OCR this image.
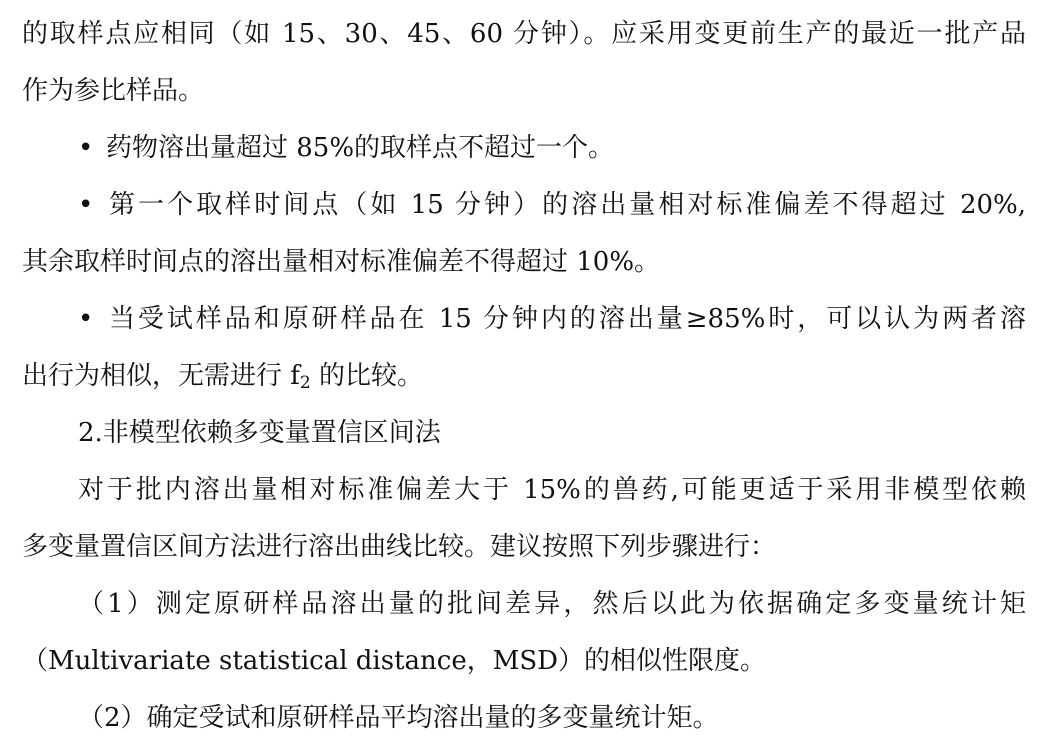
的取样点应相同（如 15、30、45、60 分钟）。应采用变更前生产的最近一批产品
作为参比样品。
• 药物溶出量超过 85%的取样点不超过一个。
• 第一个取样时间点（如 15 分钟）的溶出量相对标准偏差不得超过 20%,
其余取样时间点的溶出量相对标准偏差不得超过 10%。
• 当受试样品和原研样品在 15 分钟内的溶出量≥85%时，可以认为两者溶
出行为相似，无需进行 f2 的比较。
2.非模型依赖多变量置信区间法
对于批内溶出量相对标准偏差大于 15%的兽药,可能更适于采用非模型依赖
多变量置信区间方法进行溶出曲线比较。建议按照下列步骤进行：
（1）测定原研样品溶出量的批间差异，然后以此为依据确定多变量统计矩
（Multivariate statistical distance，MSD）的相似性限度。
（2）确定受试和原研样品平均溶出量的多变量统计矩。
